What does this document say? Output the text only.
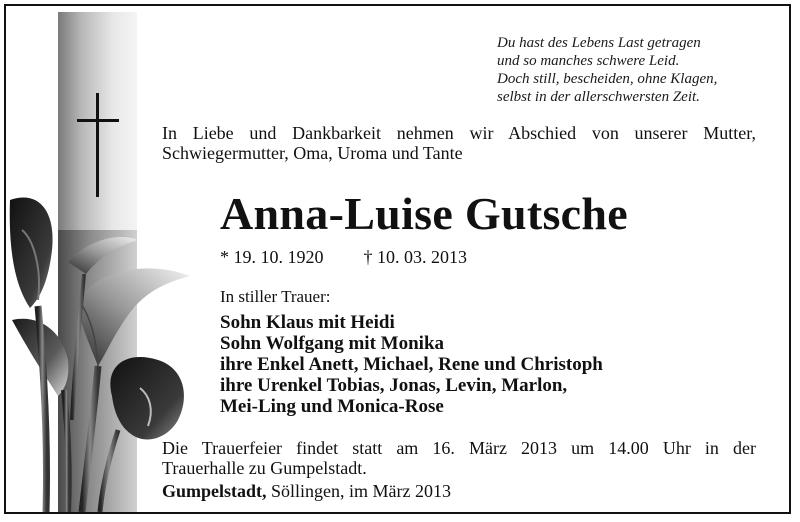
Du hast des Lebens Last getragen
und so manches schwere Leid.
Doch still, bescheiden, ohne Klagen,
selbst in der allerschwersten Zeit.
In Liebe und Dankbarkeit nehmen wir Abschied von unserer Mutter,
Schwiegermutter, Oma, Uroma und Tante
Anna-Luise Gutsche
* 19. 10. 1920 † 10. 03. 2013
In stiller Trauer:
Sohn Klaus mit Heidi
Sohn Wolfgang mit Monika
ihre Enkel Anett, Michael, Rene und Christoph
ihre Urenkel Tobias, Jonas, Levin, Marlon,
Mei-Ling und Monica-Rose
Die Trauerfeier findet statt am 16. März 2013 um 14.00 Uhr in der
Trauerhalle zu Gumpelstadt.
Gumpelstadt, Söllingen, im März 2013
